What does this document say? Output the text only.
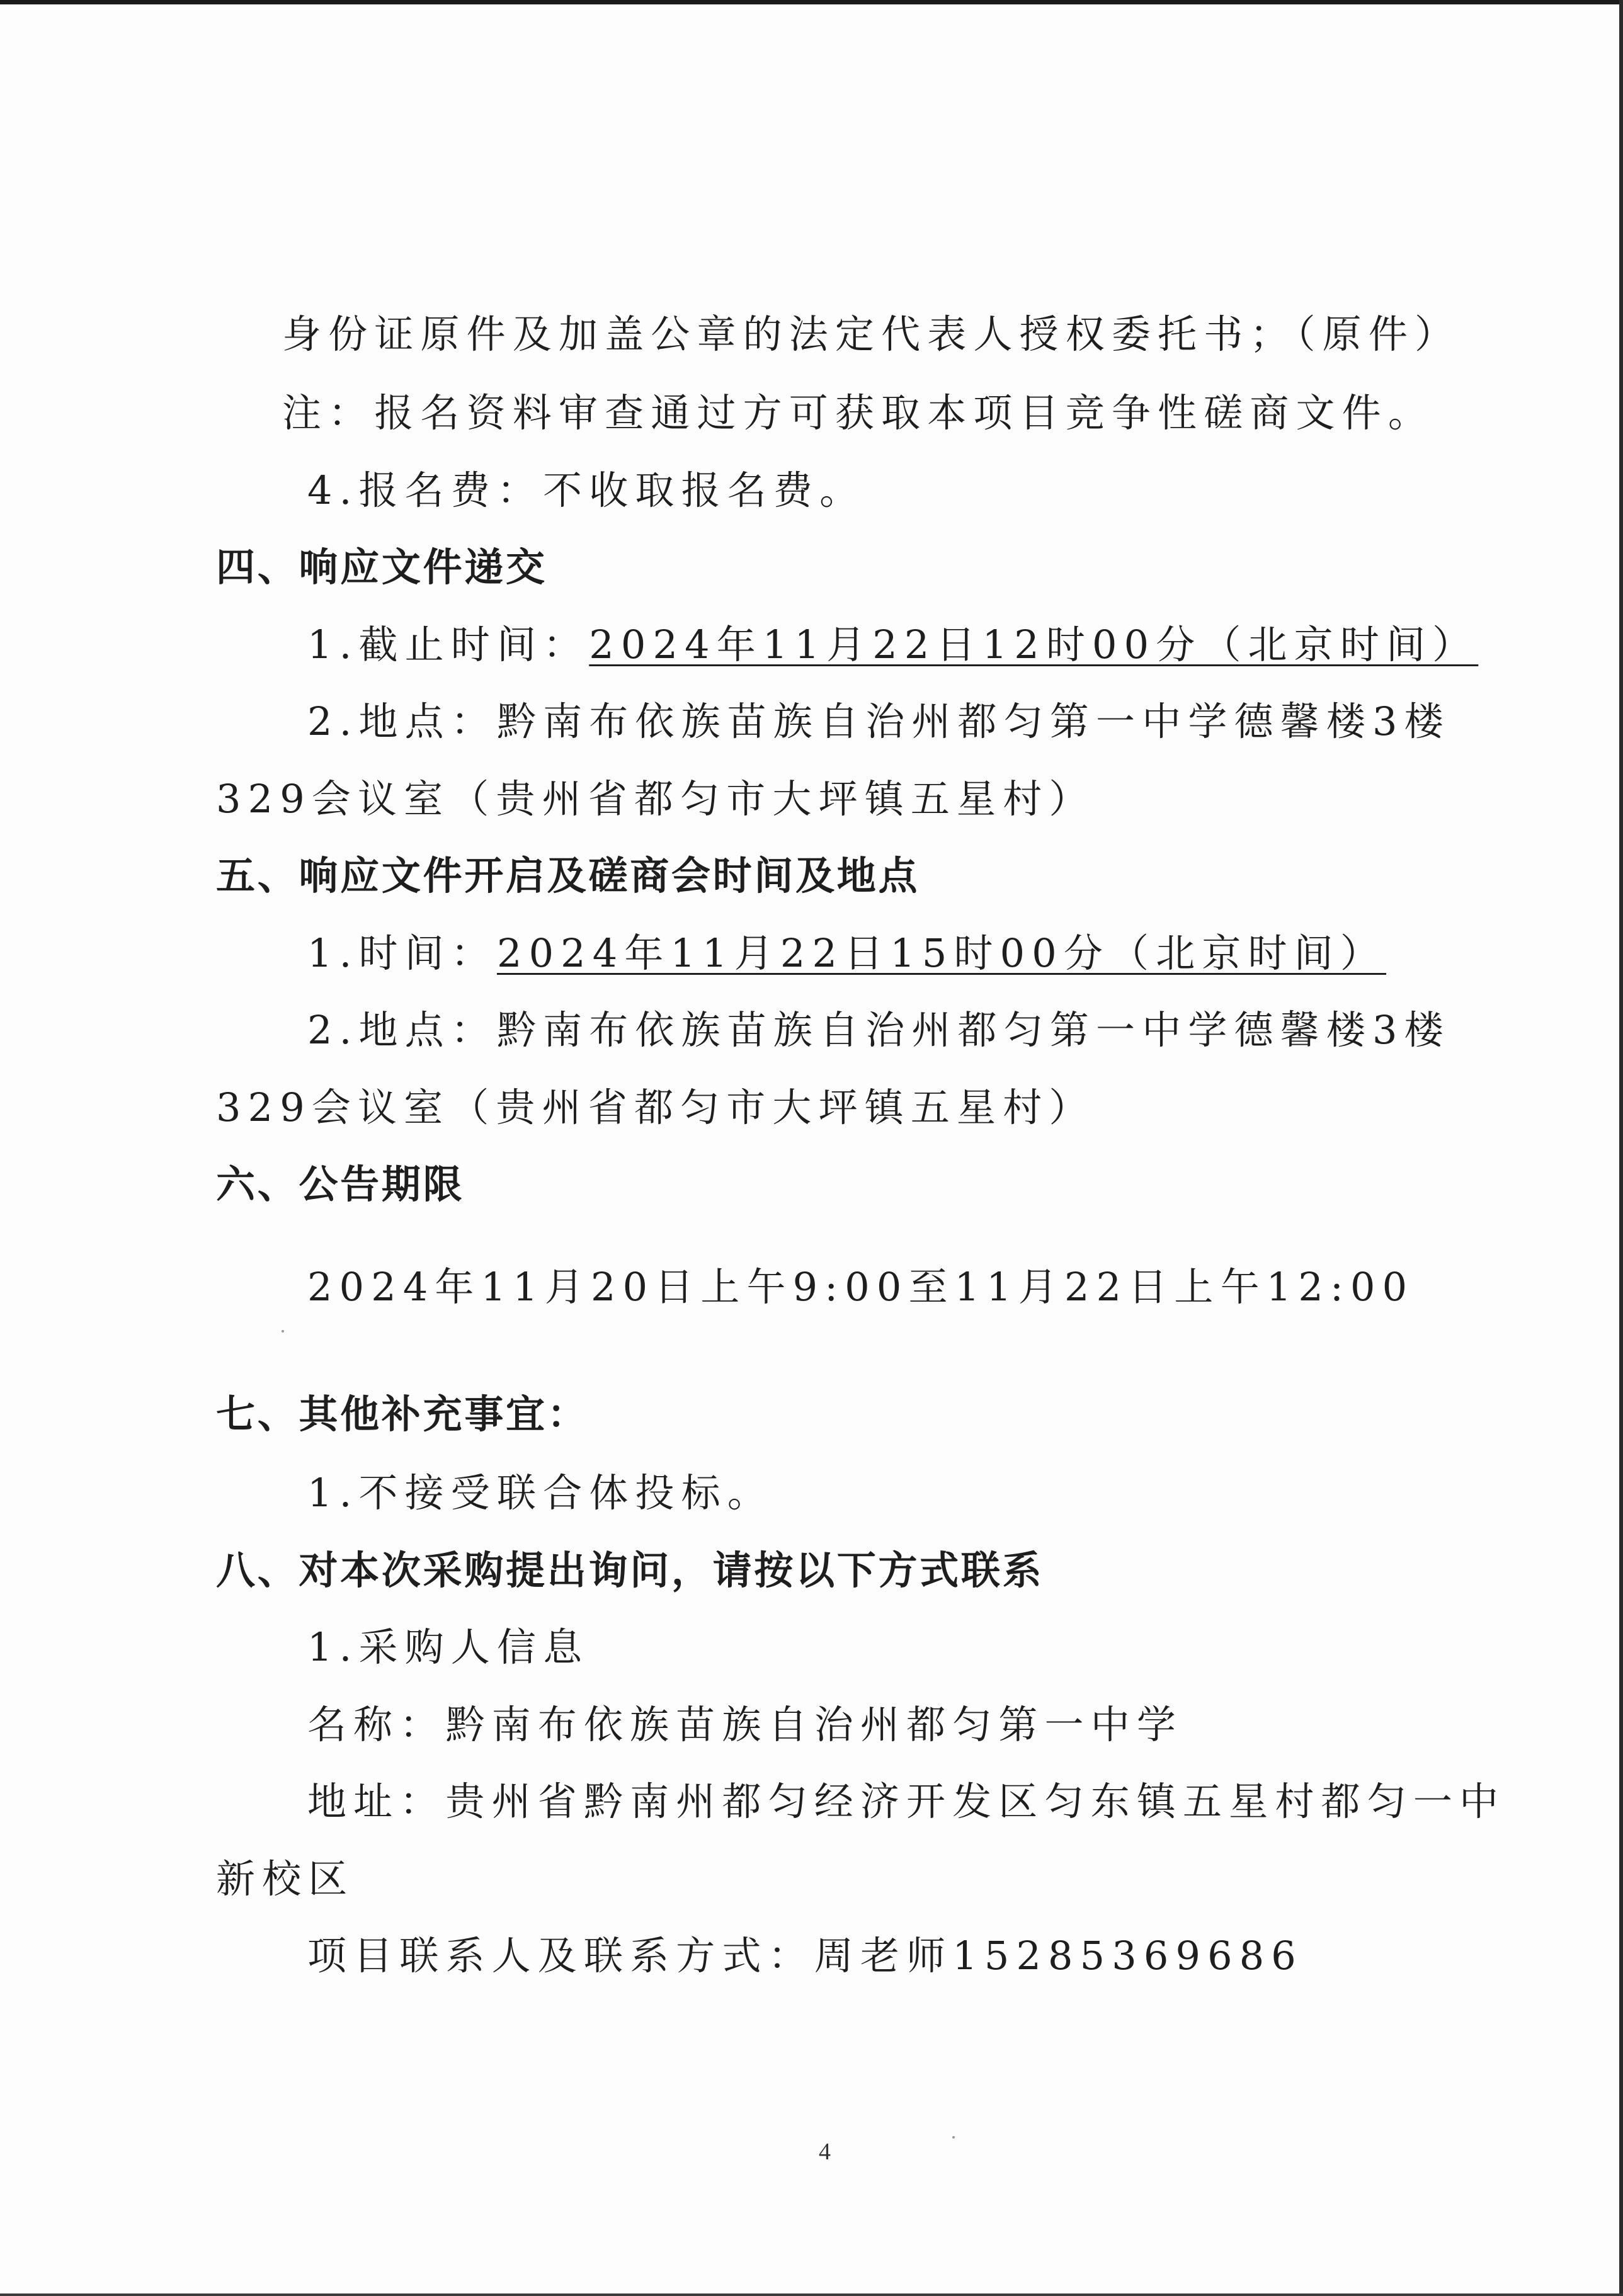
身份证原件及加盖公章的法定代表人授权委托书；（原件）
注：报名资料审查通过方可获取本项目竞争性磋商文件。
4.报名费：不收取报名费。
四、响应文件递交
1.截止时间：2024年11月22日12时00分（北京时间）
2.地点：黔南布依族苗族自治州都匀第一中学德馨楼3楼
329会议室（贵州省都匀市大坪镇五星村）
五、响应文件开启及磋商会时间及地点
1.时间：2024年11月22日15时00分（北京时间）
2.地点：黔南布依族苗族自治州都匀第一中学德馨楼3楼
329会议室（贵州省都匀市大坪镇五星村）
六、公告期限
2024年11月20日上午9:00至11月22日上午12:00
七、其他补充事宜：
1.不接受联合体投标。
八、对本次采购提出询问，请按以下方式联系
1.采购人信息
名称：黔南布依族苗族自治州都匀第一中学
地址：贵州省黔南州都匀经济开发区匀东镇五星村都匀一中
新校区
项目联系人及联系方式：周老师15285369686
4
